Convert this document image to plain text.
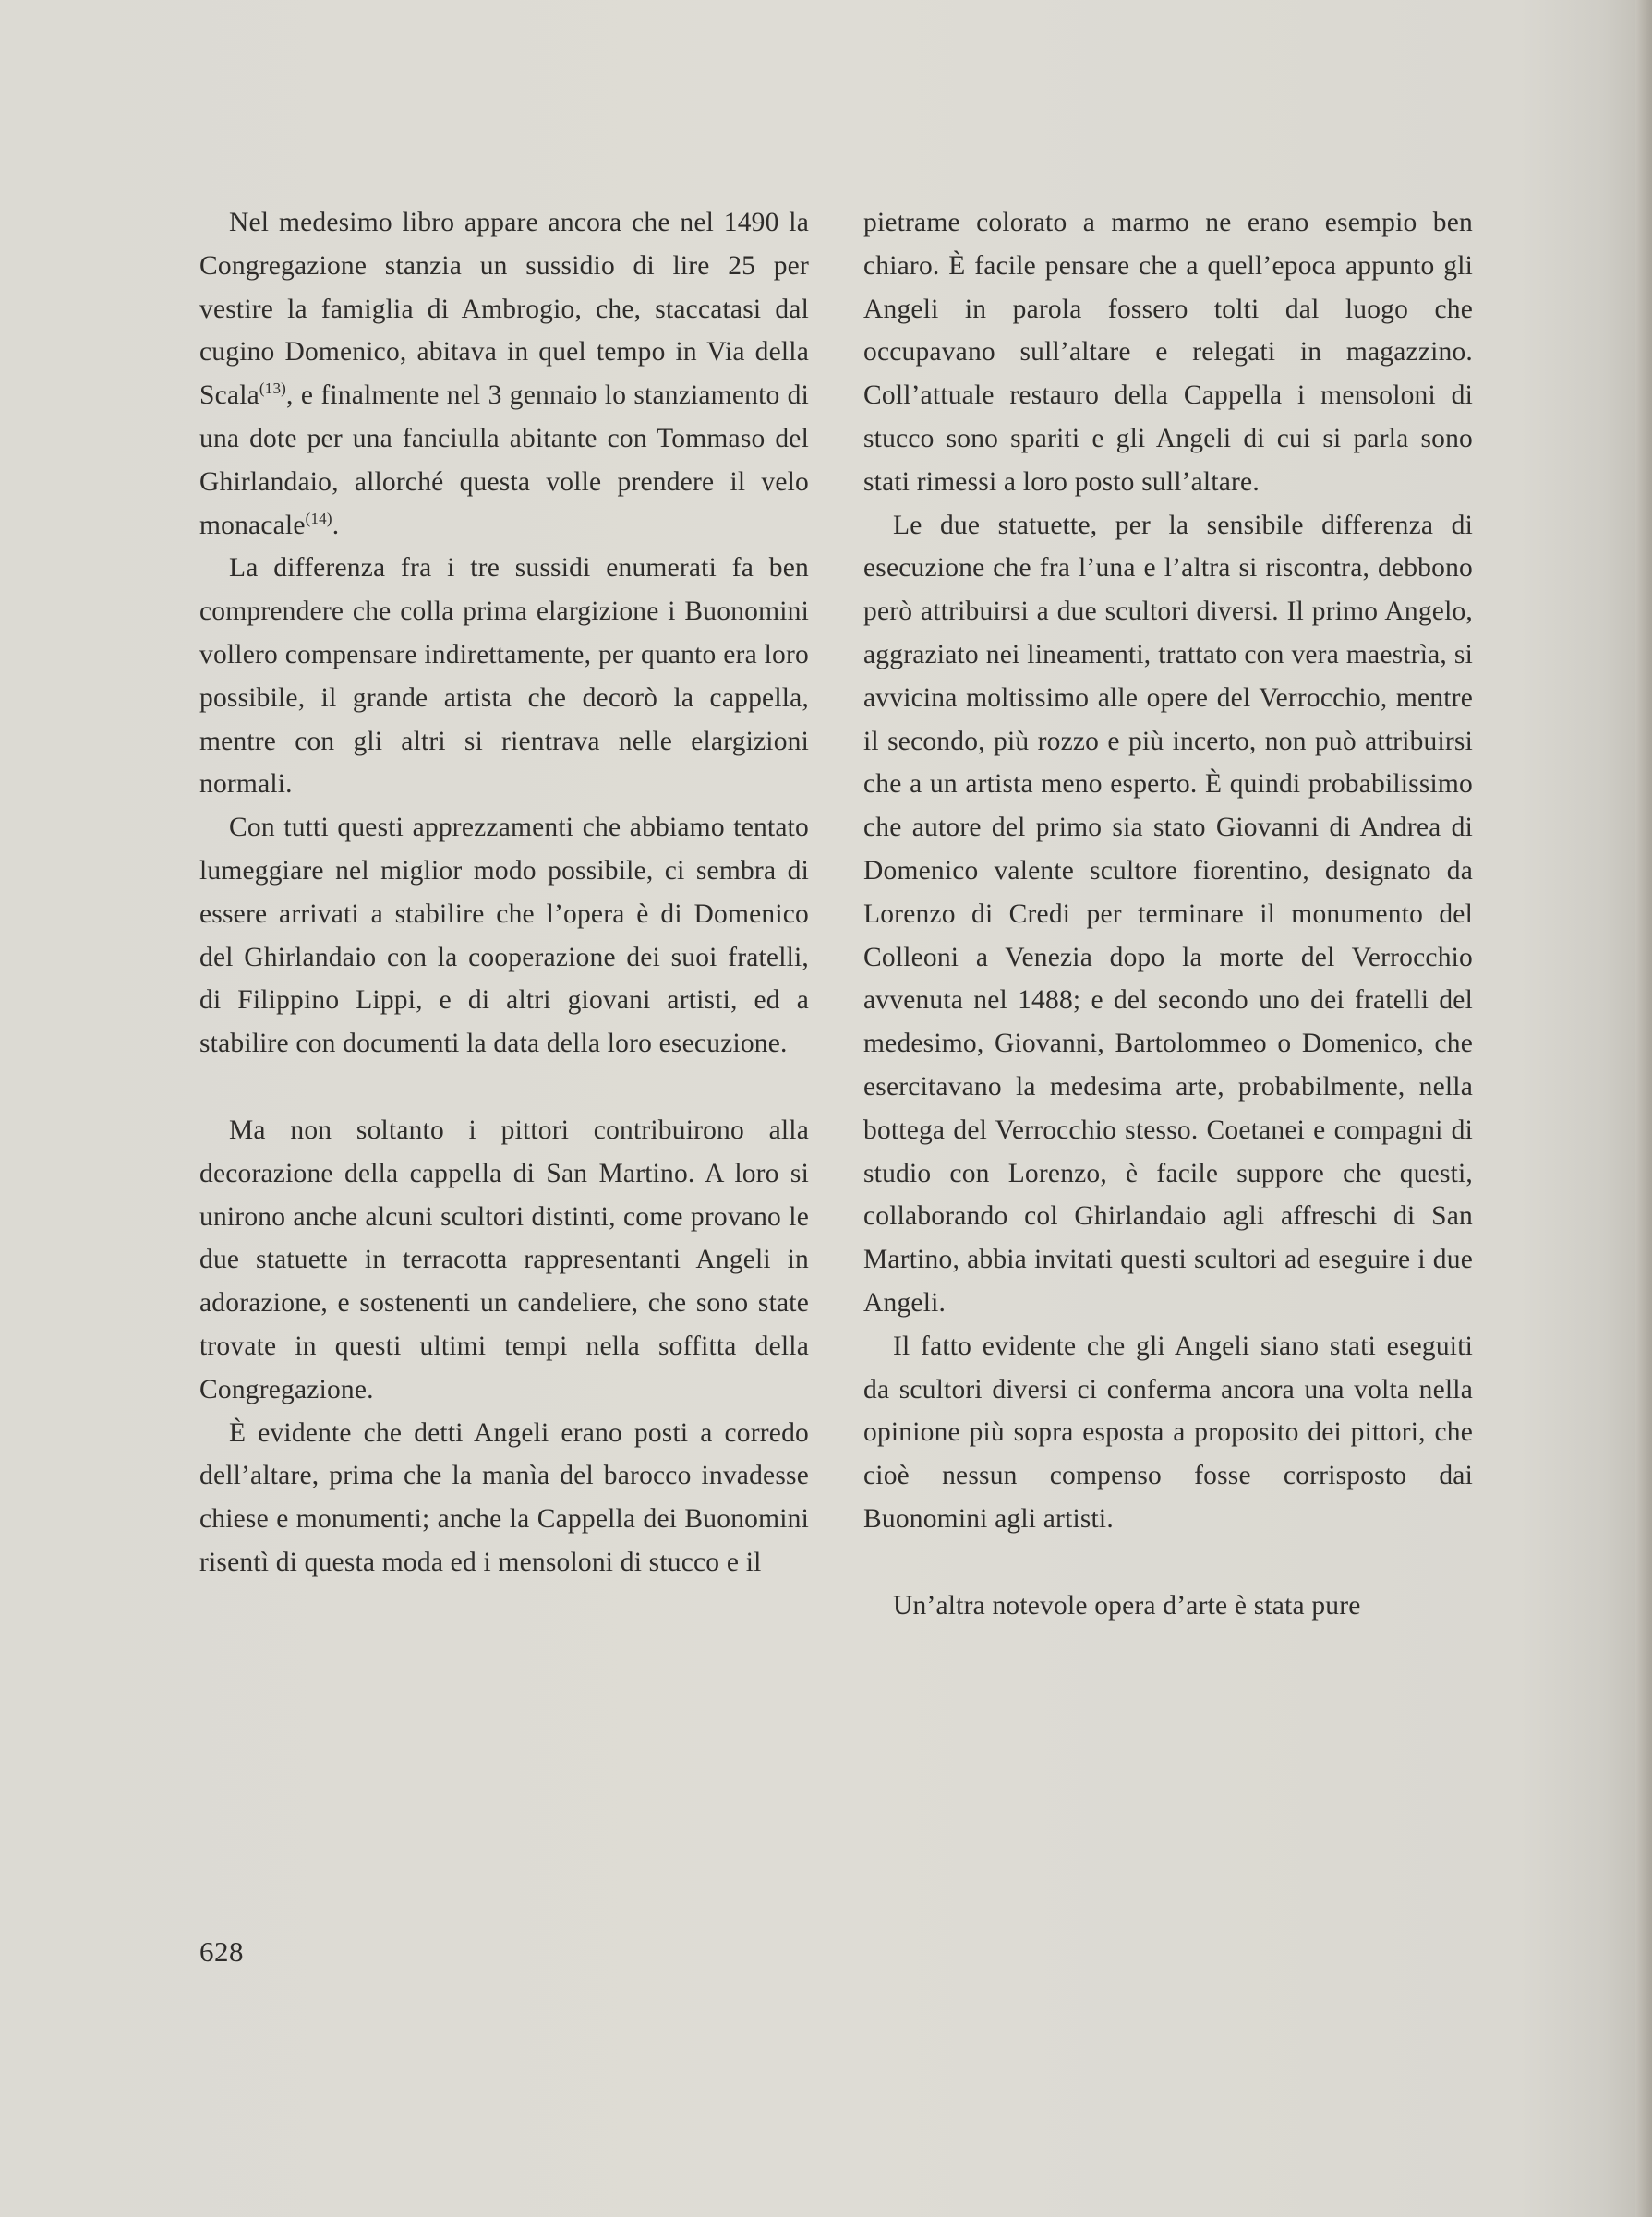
Nel medesimo libro appare ancora che nel 1490 la Congregazione stanzia un sussidio di lire 25 per vestire la famiglia di Ambrogio, che, staccatasi dal cugino Domenico, abitava in quel tempo in Via della Scala$^{(13)}$, e finalmente nel 3 gennaio lo stanziamento di una dote per una fanciulla abitante con Tommaso del Ghirlandaio, allorché questa volle prendere il velo monacale$^{(14)}$.

La differenza fra i tre sussidi enumerati fa ben comprendere che colla prima elargizione i Buonomini vollero compensare indirettamente, per quanto era loro possibile, il grande artista che decorò la cappella, mentre con gli altri si rientrava nelle elargizioni normali.

Con tutti questi apprezzamenti che abbiamo tentato lumeggiare nel miglior modo possibile, ci sembra di essere arrivati a stabilire che l’opera è di Domenico del Ghirlandaio con la cooperazione dei suoi fratelli, di Filippino Lippi, e di altri giovani artisti, ed a stabilire con documenti la data della loro esecuzione.

Ma non soltanto i pittori contribuirono alla decorazione della cappella di San Martino. A loro si unirono anche alcuni scultori distinti, come provano le due statuette in terracotta rappresentanti Angeli in adorazione, e sostenenti un candeliere, che sono state trovate in questi ultimi tempi nella soffitta della Congregazione.

È evidente che detti Angeli erano posti a corredo dell’altare, prima che la manìa del barocco invadesse chiese e monumenti; anche la Cappella dei Buonomini risentì di questa moda ed i mensoloni di stucco e il

pietrame colorato a marmo ne erano esempio ben chiaro. È facile pensare che a quell’epoca appunto gli Angeli in parola fossero tolti dal luogo che occupavano sull’altare e relegati in magazzino. Coll’attuale restauro della Cappella i mensoloni di stucco sono spariti e gli Angeli di cui si parla sono stati rimessi a loro posto sull’altare.

Le due statuette, per la sensibile differenza di esecuzione che fra l’una e l’altra si riscontra, debbono però attribuirsi a due scultori diversi. Il primo Angelo, aggraziato nei lineamenti, trattato con vera maestrìa, si avvicina moltissimo alle opere del Verrocchio, mentre il secondo, più rozzo e più incerto, non può attribuirsi che a un artista meno esperto. È quindi probabilissimo che autore del primo sia stato Giovanni di Andrea di Domenico valente scultore fiorentino, designato da Lorenzo di Credi per terminare il monumento del Colleoni a Venezia dopo la morte del Verrocchio avvenuta nel 1488; e del secondo uno dei fratelli del medesimo, Giovanni, Bartolommeo o Domenico, che esercitavano la medesima arte, probabilmente, nella bottega del Verrocchio stesso. Coetanei e compagni di studio con Lorenzo, è facile suppore che questi, collaborando col Ghirlandaio agli affreschi di San Martino, abbia invitati questi scultori ad eseguire i due Angeli.

Il fatto evidente che gli Angeli siano stati eseguiti da scultori diversi ci conferma ancora una volta nella opinione più sopra esposta a proposito dei pittori, che cioè nessun compenso fosse corrisposto dai Buonomini agli artisti.

Un’altra notevole opera d’arte è stata pure

628
